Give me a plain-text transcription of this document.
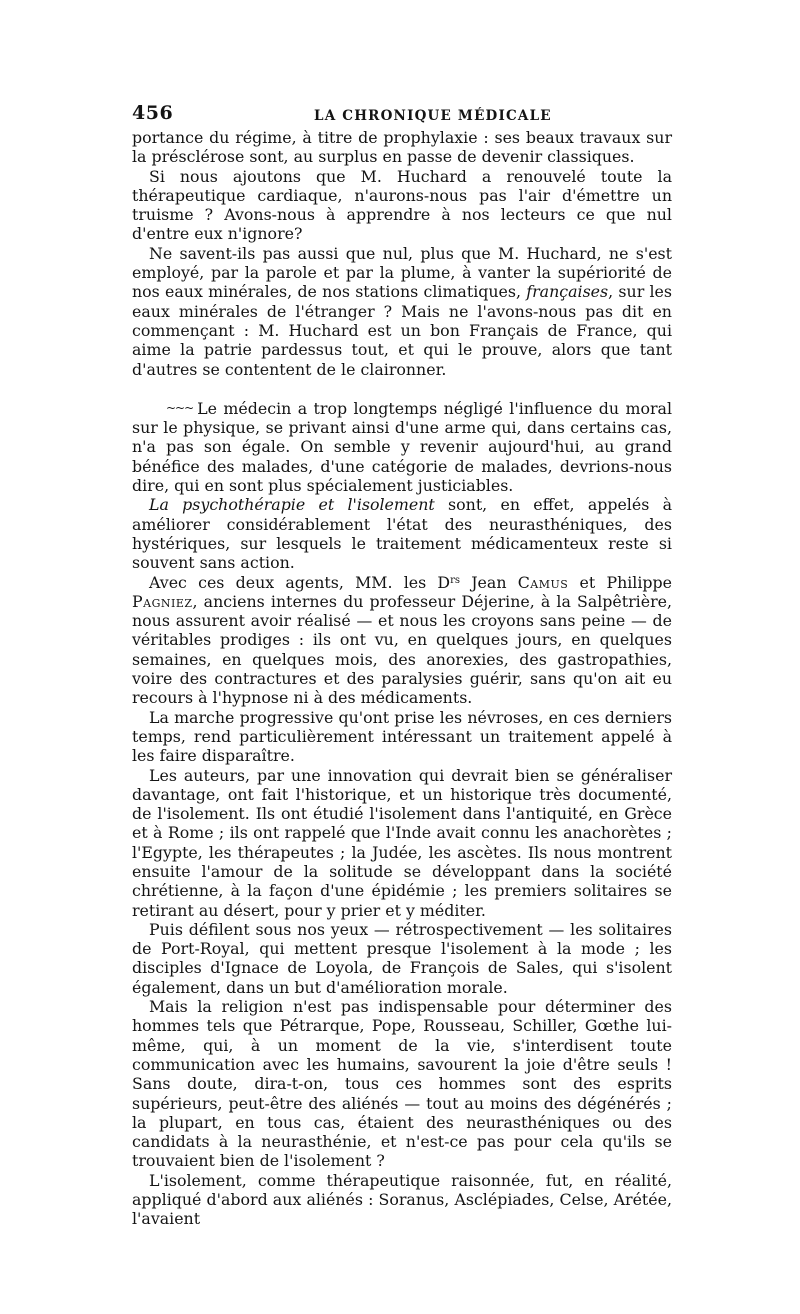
456	LA CHRONIQUE MÉDICALE

portance du régime, à titre de prophylaxie : ses beaux travaux sur la présclérose sont, au surplus en passe de devenir classiques.

Si nous ajoutons que M. Huchard a renouvelé toute la thérapeutique cardiaque, n'aurons-nous pas l'air d'émettre un truisme ? Avons-nous à apprendre à nos lecteurs ce que nul d'entre eux n'ignore?

Ne savent-ils pas aussi que nul, plus que M. Huchard, ne s'est employé, par la parole et par la plume, à vanter la supériorité de nos eaux minérales, de nos stations climatiques, françaises, sur les eaux minérales de l'étranger ? Mais ne l'avons-nous pas dit en commençant : M. Huchard est un bon Français de France, qui aime la patrie pardessus tout, et qui le prouve, alors que tant d'autres se contentent de le claironner.

~~~ Le médecin a trop longtemps négligé l'influence du moral sur le physique, se privant ainsi d'une arme qui, dans certains cas, n'a pas son égale. On semble y revenir aujourd'hui, au grand bénéfice des malades, d'une catégorie de malades, devrions-nous dire, qui en sont plus spécialement justiciables.

La psychothérapie et l'isolement sont, en effet, appelés à améliorer considérablement l'état des neurasthéniques, des hystériques, sur lesquels le traitement médicamenteux reste si souvent sans action.

Avec ces deux agents, MM. les $D^{rs}$ Jean Camus et Philippe Pagniez, anciens internes du professeur Déjerine, à la Salpêtrière, nous assurent avoir réalisé — et nous les croyons sans peine — de véritables prodiges : ils ont vu, en quelques jours, en quelques semaines, en quelques mois, des anorexies, des gastropathies, voire des contractures et des paralysies guérir, sans qu'on ait eu recours à l'hypnose ni à des médicaments.

La marche progressive qu'ont prise les névroses, en ces derniers temps, rend particulièrement intéressant un traitement appelé à les faire disparaître.

Les auteurs, par une innovation qui devrait bien se généraliser davantage, ont fait l'historique, et un historique très documenté, de l'isolement. Ils ont étudié l'isolement dans l'antiquité, en Grèce et à Rome ; ils ont rappelé que l'Inde avait connu les anachorètes ; l'Egypte, les thérapeutes ; la Judée, les ascètes. Ils nous montrent ensuite l'amour de la solitude se développant dans la société chrétienne, à la façon d'une épidémie ; les premiers solitaires se retirant au désert, pour y prier et y méditer.

Puis défilent sous nos yeux — rétrospectivement — les solitaires de Port-Royal, qui mettent presque l'isolement à la mode ; les disciples d'Ignace de Loyola, de François de Sales, qui s'isolent également, dans un but d'amélioration morale.

Mais la religion n'est pas indispensable pour déterminer des hommes tels que Pétrarque, Pope, Rousseau, Schiller, Gœthe lui-même, qui, à un moment de la vie, s'interdisent toute communication avec les humains, savourent la joie d'être seuls ! Sans doute, dira-t-on, tous ces hommes sont des esprits supérieurs, peut-être des aliénés — tout au moins des dégénérés ; la plupart, en tous cas, étaient des neurasthéniques ou des candidats à la neurasthénie, et n'est-ce pas pour cela qu'ils se trouvaient bien de l'isolement ?

L'isolement, comme thérapeutique raisonnée, fut, en réalité, appliqué d'abord aux aliénés : Soranus, Asclépiades, Celse, Arétée, l'avaient
